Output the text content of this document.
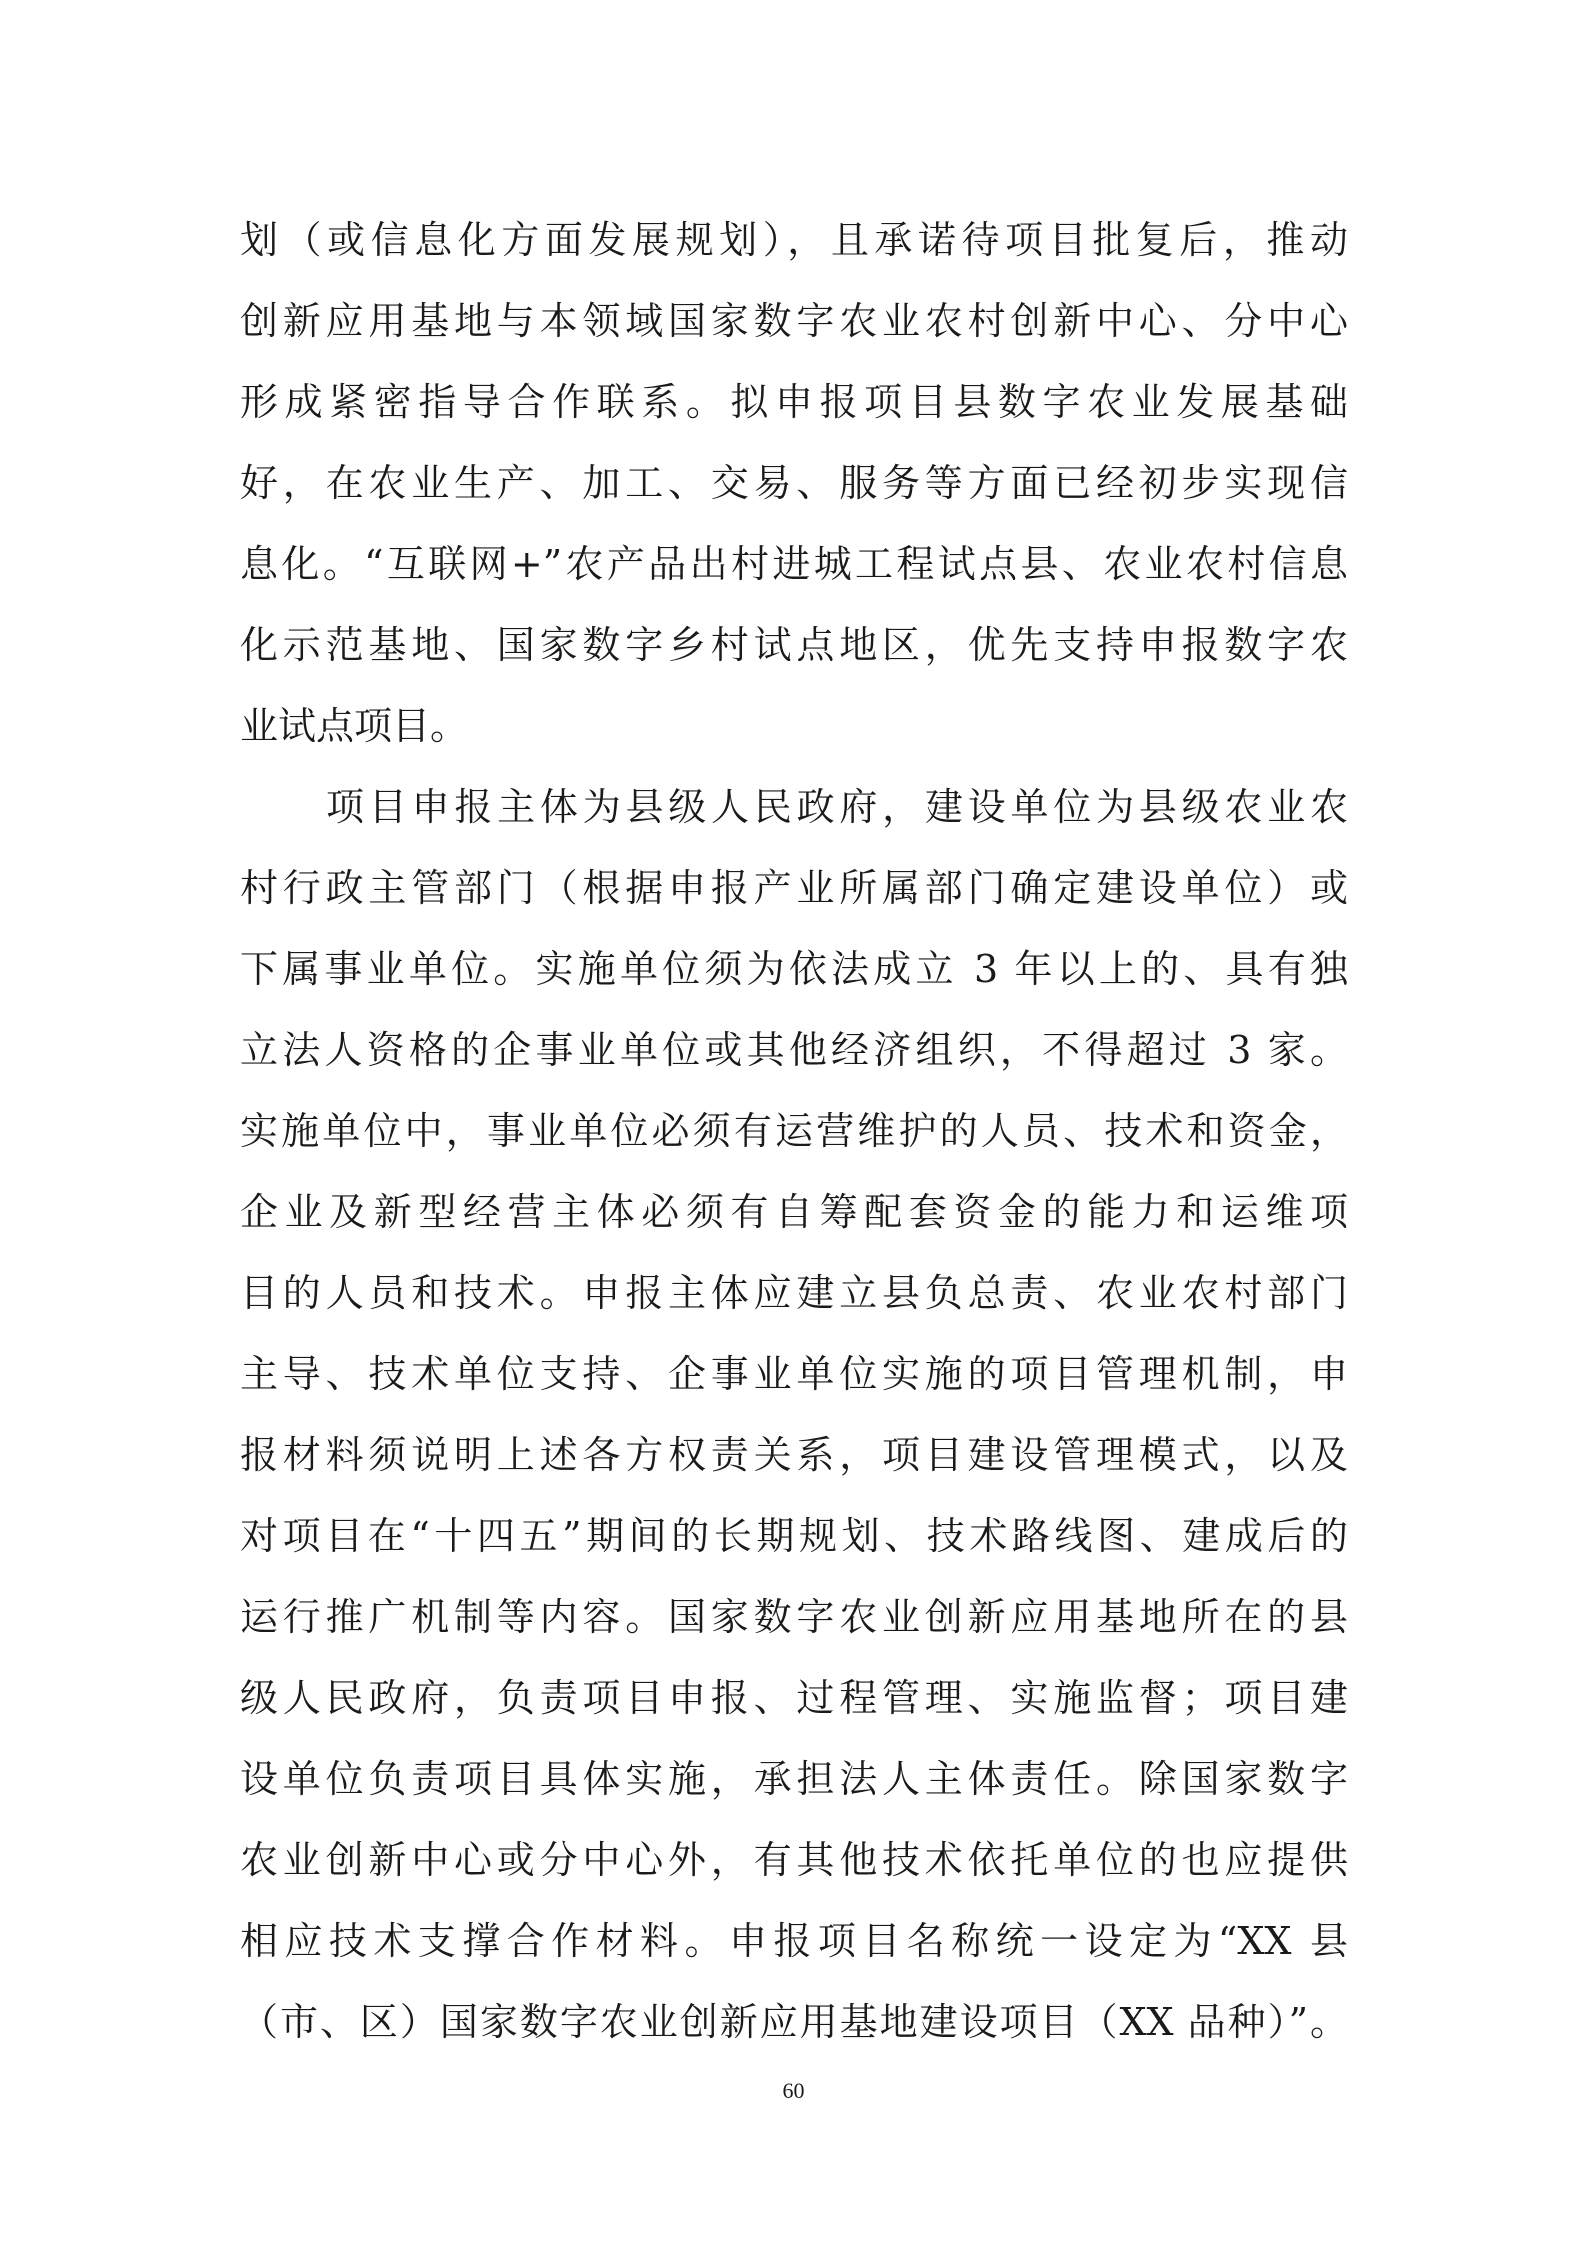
划（或信息化方面发展规划），且承诺待项目批复后，推动
创新应用基地与本领域国家数字农业农村创新中心、分中心
形成紧密指导合作联系。拟申报项目县数字农业发展基础
好，在农业生产、加工、交易、服务等方面已经初步实现信
息化。“互联网+”农产品出村进城工程试点县、农业农村信息
化示范基地、国家数字乡村试点地区，优先支持申报数字农
业试点项目。
项目申报主体为县级人民政府，建设单位为县级农业农
村行政主管部门（根据申报产业所属部门确定建设单位）或
下属事业单位。实施单位须为依法成立 3 年以上的、具有独
立法人资格的企事业单位或其他经济组织，不得超过 3 家。
实施单位中，事业单位必须有运营维护的人员、技术和资金，
企业及新型经营主体必须有自筹配套资金的能力和运维项
目的人员和技术。申报主体应建立县负总责、农业农村部门
主导、技术单位支持、企事业单位实施的项目管理机制，申
报材料须说明上述各方权责关系，项目建设管理模式，以及
对项目在“十四五”期间的长期规划、技术路线图、建成后的
运行推广机制等内容。国家数字农业创新应用基地所在的县
级人民政府，负责项目申报、过程管理、实施监督；项目建
设单位负责项目具体实施，承担法人主体责任。除国家数字
农业创新中心或分中心外，有其他技术依托单位的也应提供
相应技术支撑合作材料。申报项目名称统一设定为“XX 县
（市、区）国家数字农业创新应用基地建设项目（XX 品种）”。
60
